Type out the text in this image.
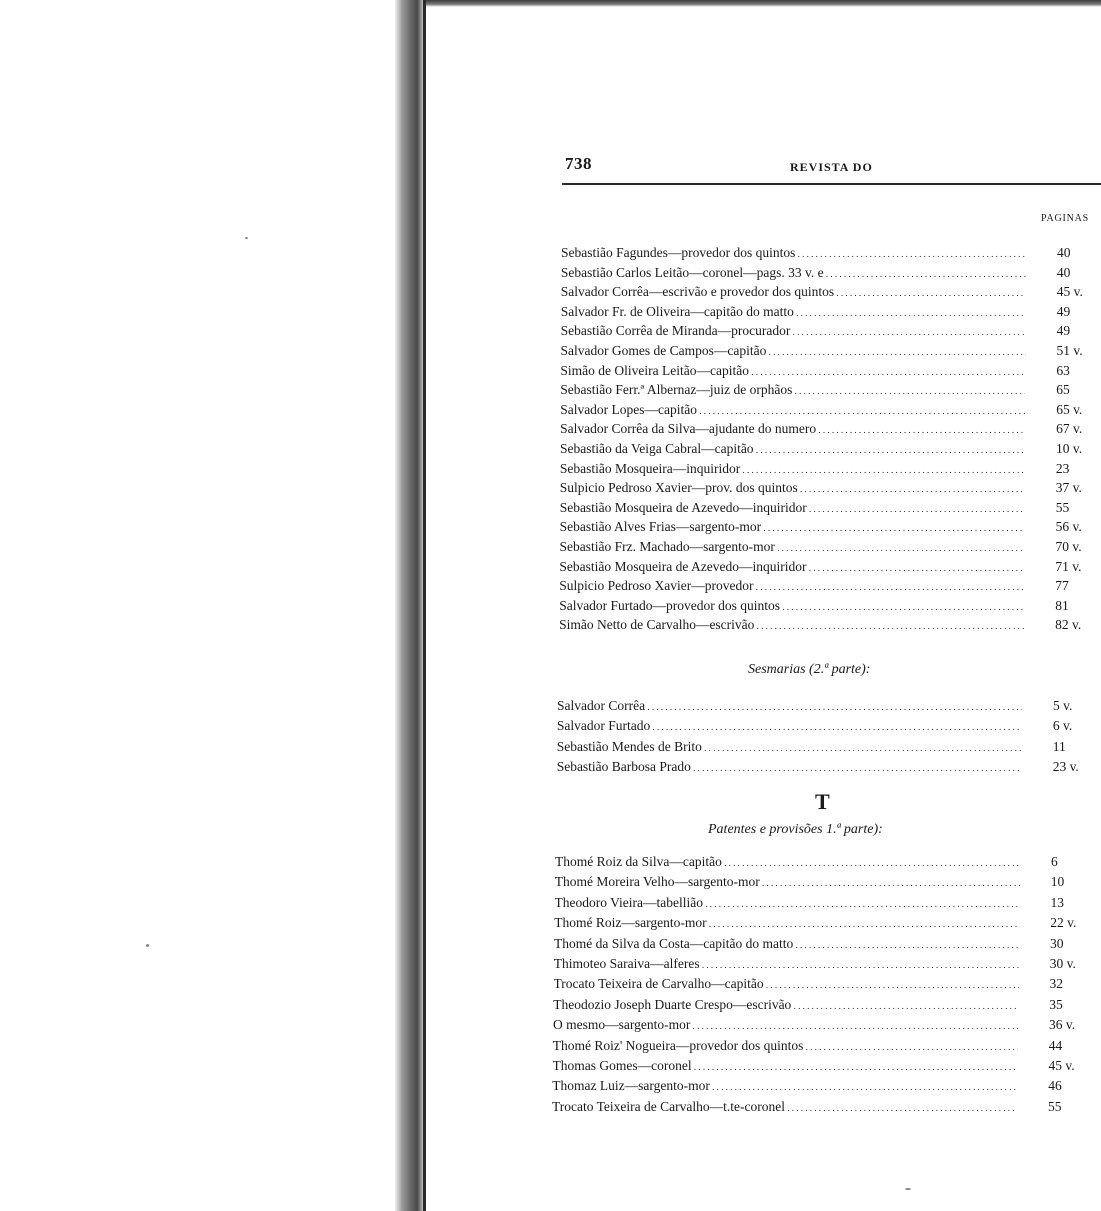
738	REVISTA DO
PAGINAS
Sebastião Fagundes—provedor dos quintos . . .	40
Sebastião Carlos Leitão—coronel—pags. 33 v. e . . .	40
Salvador Corrêa—escrivão e provedor dos quintos . . .	45 v.
Salvador Fr. de Oliveira—capitão do matto . . .	49
Sebastião Corrêa de Miranda—procurador . . .	49
Salvador Gomes de Campos—capitão . . .	51 v.
Simão de Oliveira Leitão—capitão . . .	63
Sebastião Ferr.ª Albernaz—juiz de orphãos . . .	65
Salvador Lopes—capitão . . .	65 v.
Salvador Corrêa da Silva—ajudante do numero . . .	67 v.
Sebastião da Veiga Cabral—capitão . . .	10 v.
Sebastião Mosqueira—inquiridor . . .	23
Sulpicio Pedroso Xavier—prov. dos quintos . . .	37 v.
Sebastião Mosqueira de Azevedo—inquiridor . . .	55
Sebastião Alves Frias—sargento-mor . . .	56 v.
Sebastião Frz. Machado—sargento-mor . . .	70 v.
Sebastião Mosqueira de Azevedo—inquiridor . . .	71 v.
Sulpicio Pedroso Xavier—provedor . . .	77
Salvador Furtado—provedor dos quintos . . .	81
Simão Netto de Carvalho—escrivão . . .	82 v.
Sesmarias (2.ª parte):
Salvador Corrêa . . .	5 v.
Salvador Furtado . . .	6 v.
Sebastião Mendes de Brito . . .	11
Sebastião Barbosa Prado . . .	23 v.
T
Patentes e provisões 1.ª parte):
Thomé Roiz da Silva—capitão . . .	6
Thomé Moreira Velho—sargento-mor . . .	10
Theodoro Vieira—tabellião . . .	13
Thomé Roiz—sargento-mor . . .	22 v.
Thomé da Silva da Costa—capitão do matto . . .	30
Thimoteo Saraiva—alferes . . .	30 v.
Trocato Teixeira de Carvalho—capitão . . .	32
Theodozio Joseph Duarte Crespo—escrivão . . .	35
O mesmo—sargento-mor . . .	36 v.
Thomé Roiz' Nogueira—provedor dos quintos . . .	44
Thomas Gomes—coronel . . .	45 v.
Thomaz Luiz—sargento-mor . . .	46
Trocato Teixeira de Carvalho—t.te-coronel . . .	55
